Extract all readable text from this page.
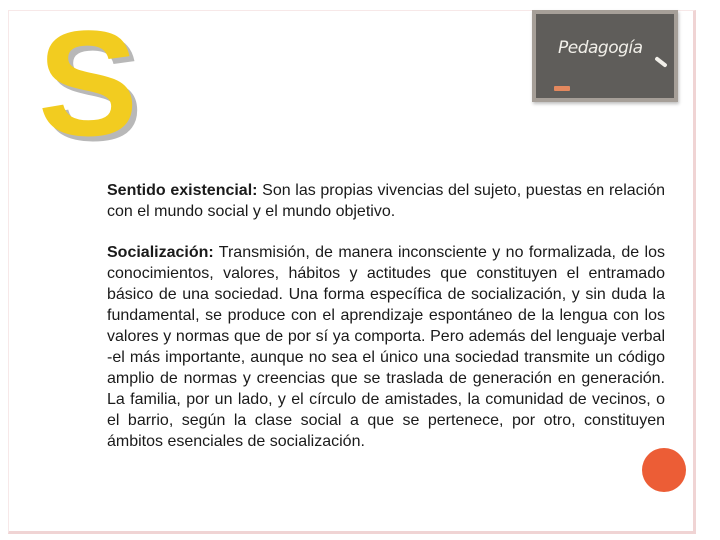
S	Pedagogía

Sentido existencial: Son las propias vivencias del sujeto, puestas en relación con el mundo social y el mundo objetivo.

Socialización: Transmisión, de manera inconsciente y no formalizada, de los conocimientos, valores, hábitos y actitudes que constituyen el entramado básico de una sociedad. Una forma específica de socialización, y sin duda la fundamental, se produce con el aprendizaje espontáneo de la lengua con los valores y normas que de por sí ya comporta. Pero además del lenguaje verbal -el más importante, aunque no sea el único una sociedad transmite un código amplio de normas y creencias que se traslada de generación en generación. La familia, por un lado, y el círculo de amistades, la comunidad de vecinos, o el barrio, según la clase social a que se pertenece, por otro, constituyen ámbitos esenciales de socialización.
